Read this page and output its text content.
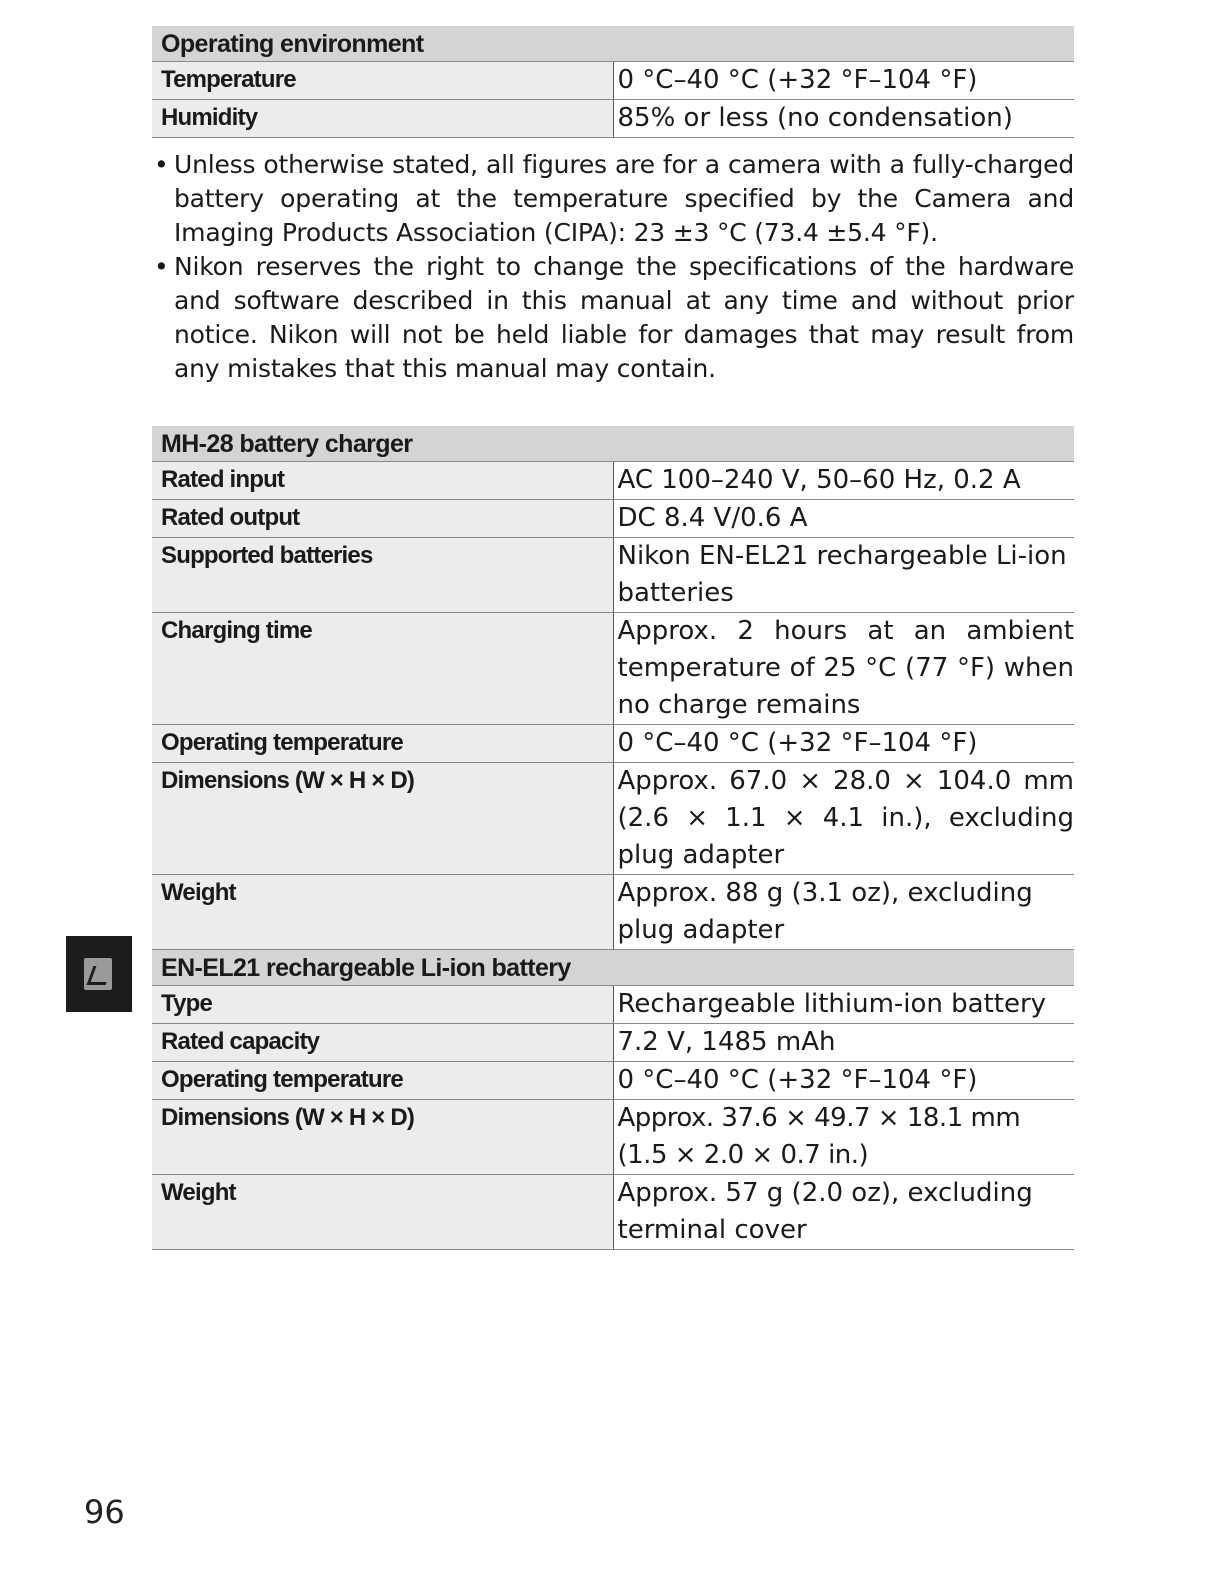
Operating environment	
Temperature	0 °C–40 °C (+32 °F–104 °F)
Humidity	85% or less (no condensation)
• Unless otherwise stated, all figures are for a camera with a fully-charged battery operating at the temperature specified by the Camera and Imaging Products Association (CIPA): 23 ±3 °C (73.4 ±5.4 °F).
• Nikon reserves the right to change the specifications of the hardware and software described in this manual at any time and without prior notice. Nikon will not be held liable for damages that may result from any mistakes that this manual may contain.
MH-28 battery charger	
Rated input	AC 100–240 V, 50–60 Hz, 0.2 A
Rated output	DC 8.4 V/0.6 A
Supported batteries	Nikon EN-EL21 rechargeable Li-ion batteries
Charging time	Approx. 2 hours at an ambient temperature of 25 °C (77 °F) when no charge remains
Operating temperature	0 °C–40 °C (+32 °F–104 °F)
Dimensions (W × H × D)	Approx. 67.0 × 28.0 × 104.0 mm (2.6 × 1.1 × 4.1 in.), excluding plug adapter
Weight	Approx. 88 g (3.1 oz), excluding plug adapter
EN-EL21 rechargeable Li-ion battery	
Type	Rechargeable lithium-ion battery
Rated capacity	7.2 V, 1485 mAh
Operating temperature	0 °C–40 °C (+32 °F–104 °F)
Dimensions (W × H × D)	Approx. 37.6 × 49.7 × 18.1 mm (1.5 × 2.0 × 0.7 in.)
Weight	Approx. 57 g (2.0 oz), excluding terminal cover
96
